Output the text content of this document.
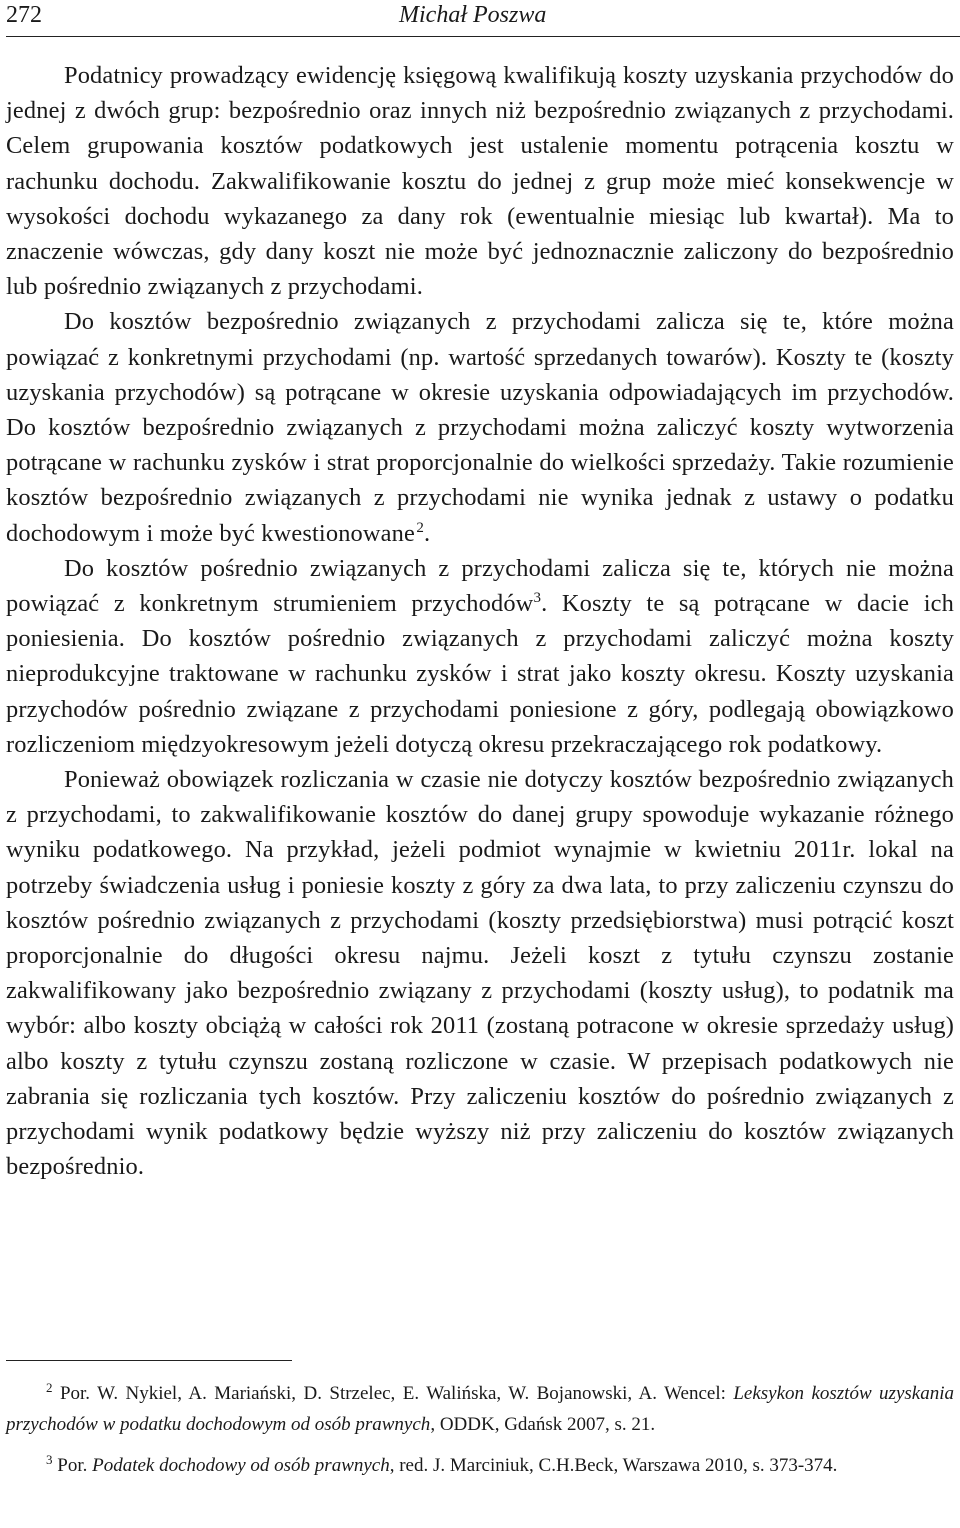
272	Michał Poszwa

Podatnicy prowadzący ewidencję księgową kwalifikują koszty uzyskania przychodów do jednej z dwóch grup: bezpośrednio oraz innych niż bezpośrednio związanych z przychodami. Celem grupowania kosztów podatkowych jest ustalenie momentu potrącenia kosztu w rachunku dochodu. Zakwalifikowanie kosztu do jednej z grup może mieć konsekwencje w wysokości dochodu wykazanego za dany rok (ewentualnie miesiąc lub kwartał). Ma to znaczenie wówczas, gdy dany koszt nie może być jednoznacznie zaliczony do bezpośrednio lub pośrednio związanych z przychodami.

Do kosztów bezpośrednio związanych z przychodami zalicza się te, które można powiązać z konkretnymi przychodami (np. wartość sprzedanych towarów). Koszty te (koszty uzyskania przychodów) są potrącane w okresie uzyskania odpowiadających im przychodów. Do kosztów bezpośrednio związanych z przychodami można zaliczyć koszty wytworzenia potrącane w rachunku zysków i strat proporcjonalnie do wielkości sprzedaży. Takie rozumienie kosztów bezpośrednio związanych z przychodami nie wynika jednak z ustawy o podatku dochodowym i może być kwestionowane $^2$.

Do kosztów pośrednio związanych z przychodami zalicza się te, których nie można powiązać z konkretnym strumieniem przychodów$^3$. Koszty te są potrącane w dacie ich poniesienia. Do kosztów pośrednio związanych z przychodami zaliczyć można koszty nieprodukcyjne traktowane w rachunku zysków i strat jako koszty okresu. Koszty uzyskania przychodów pośrednio związane z przychodami poniesione z góry, podlegają obowiązkowo rozliczeniom międzyokresowym jeżeli dotyczą okresu przekraczającego rok podatkowy.

Ponieważ obowiązek rozliczania w czasie nie dotyczy kosztów bezpośrednio związanych z przychodami, to zakwalifikowanie kosztów do danej grupy spowoduje wykazanie różnego wyniku podatkowego. Na przykład, jeżeli podmiot wynajmie w kwietniu 2011r. lokal na potrzeby świadczenia usług i poniesie koszty z góry za dwa lata, to przy zaliczeniu czynszu do kosztów pośrednio związanych z przychodami (koszty przedsiębiorstwa) musi potrącić koszt proporcjonalnie do długości okresu najmu. Jeżeli koszt z tytułu czynszu zostanie zakwalifikowany jako bezpośrednio związany z przychodami (koszty usług), to podatnik ma wybór: albo koszty obciążą w całości rok 2011 (zostaną potracone w okresie sprzedaży usług) albo koszty z tytułu czynszu zostaną rozliczone w czasie. W przepisach podatkowych nie zabrania się rozliczania tych kosztów. Przy zaliczeniu kosztów do pośrednio związanych z przychodami wynik podatkowy będzie wyższy niż przy zaliczeniu do kosztów związanych bezpośrednio.

$^2$ Por. W. Nykiel, A. Mariański, D. Strzelec, E. Walińska, W. Bojanowski, A. Wencel: Leksykon kosztów uzyskania przychodów w podatku dochodowym od osób prawnych, ODDK, Gdańsk 2007, s. 21.

$^3$ Por. Podatek dochodowy od osób prawnych, red. J. Marciniuk, C.H.Beck, Warszawa 2010, s. 373-374.
